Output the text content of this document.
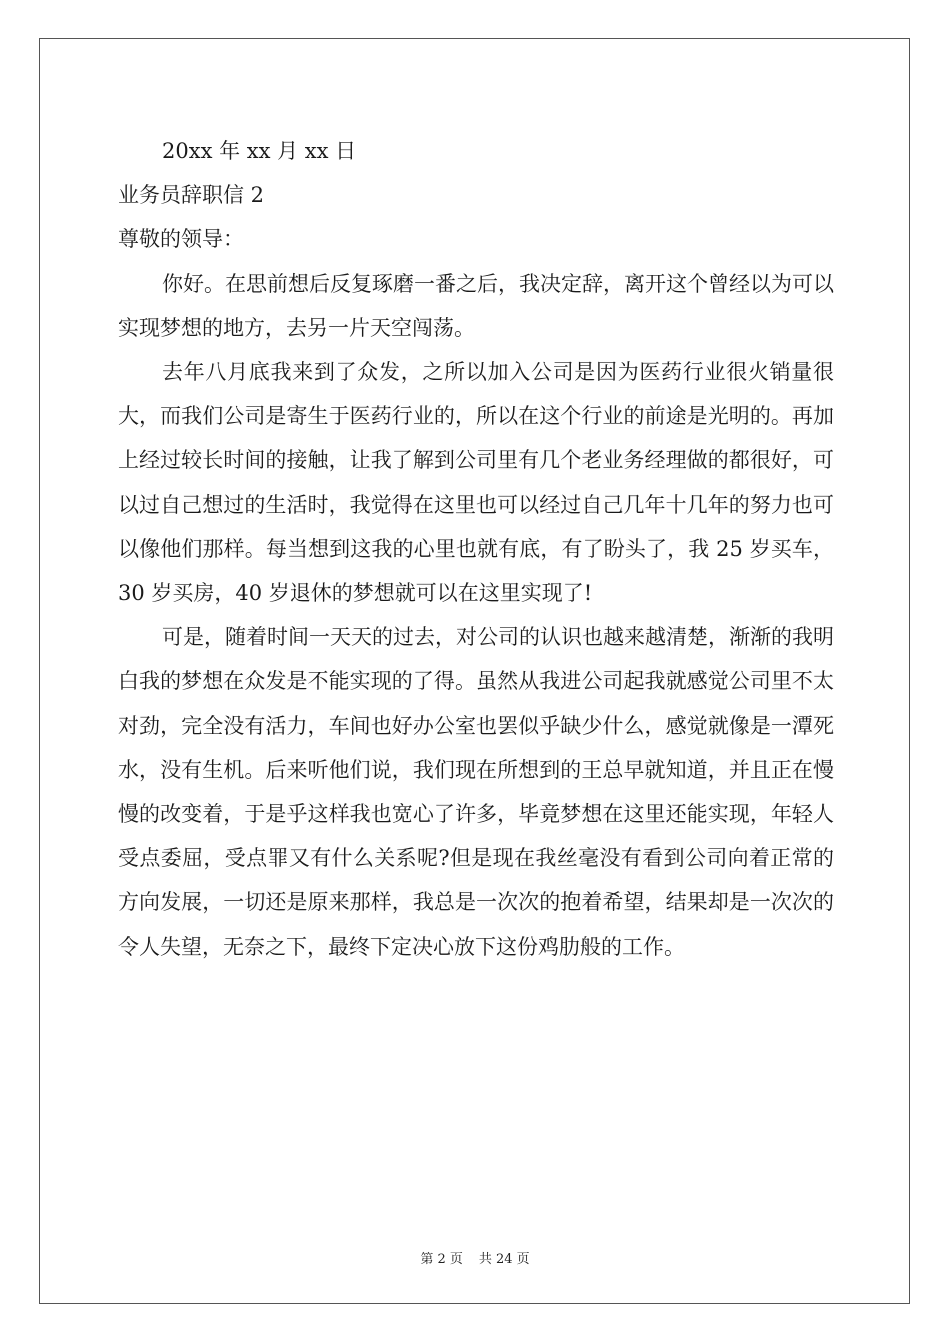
20xx 年 xx 月 xx 日

业务员辞职信 2

尊敬的领导：

你好。在思前想后反复琢磨一番之后，我决定辞，离开这个曾经以为可以实现梦想的地方，去另一片天空闯荡。

去年八月底我来到了众发，之所以加入公司是因为医药行业很火销量很大，而我们公司是寄生于医药行业的，所以在这个行业的前途是光明的。再加上经过较长时间的接触，让我了解到公司里有几个老业务经理做的都很好，可以过自己想过的生活时，我觉得在这里也可以经过自己几年十几年的努力也可以像他们那样。每当想到这我的心里也就有底，有了盼头了，我 25 岁买车，30 岁买房，40 岁退休的梦想就可以在这里实现了!

可是，随着时间一天天的过去，对公司的认识也越来越清楚，渐渐的我明白我的梦想在众发是不能实现的了得。虽然从我进公司起我就感觉公司里不太对劲，完全没有活力，车间也好办公室也罢似乎缺少什么，感觉就像是一潭死水，没有生机。后来听他们说，我们现在所想到的王总早就知道，并且正在慢慢的改变着，于是乎这样我也宽心了许多，毕竟梦想在这里还能实现，年轻人受点委屈，受点罪又有什么关系呢?但是现在我丝毫没有看到公司向着正常的方向发展，一切还是原来那样，我总是一次次的抱着希望，结果却是一次次的令人失望，无奈之下，最终下定决心放下这份鸡肋般的工作。

第 2 页 共 24 页
